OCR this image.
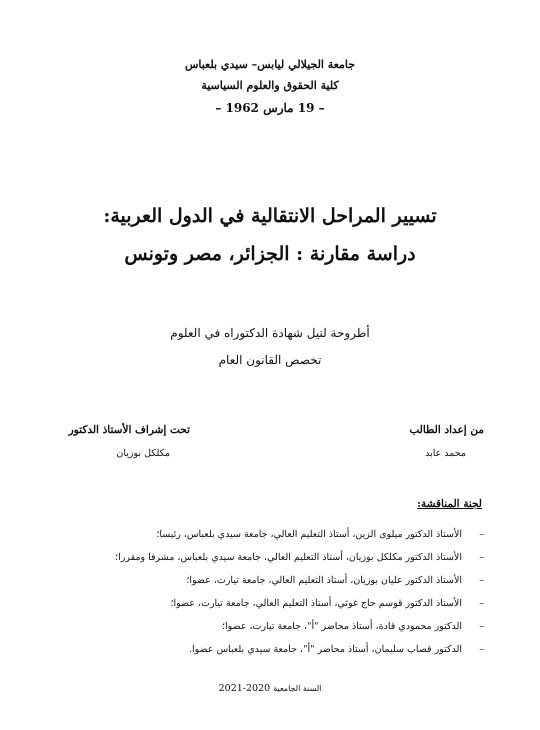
جامعة الجيلالي ليابس– سيدي بلعباس
كلية الحقوق والعلوم السياسية
– 19 مارس 1962 –
تسيير المراحل الانتقالية في الدول العربية:
دراسة مقارنة : الجزائر، مصر وتونس
أطروحة لنيل شهادة الدكتوراه في العلوم
تخصص القانون العام
من إعداد الطالب
محمد عابد
تحت إشراف الأستاذ الدكتور
مكلكل بوزيان
لجنة المناقشة:
–الأستاذ الدكتور ميلوى الزين، أستاذ التعليم العالي، جامعة سيدي بلعباس، رئيسا؛
–الأستاذ الدكتور مكلكل بوزيان، أستاذ التعليم العالي، جامعة سيدي بلعباس، مشرفا ومقررا؛
–الأستاذ الدكتور عليان بوزيان، أستاذ التعليم العالي، جامعة تيارت، عضوا؛
–الأستاذ الدكتور قوسم حاج غوثي، أستاذ التعليم العالي، جامعة تيارت، عضوا؛
–الدكتور محمودي قادة، أستاذ محاضر "أ"، جامعة تيارت، عضوا؛
–الدكتور قصاب سليمان، أستاذ محاضر "أ"، جامعة سيدي بلعباس عضوا.
السنة الجامعية 2020-2021
